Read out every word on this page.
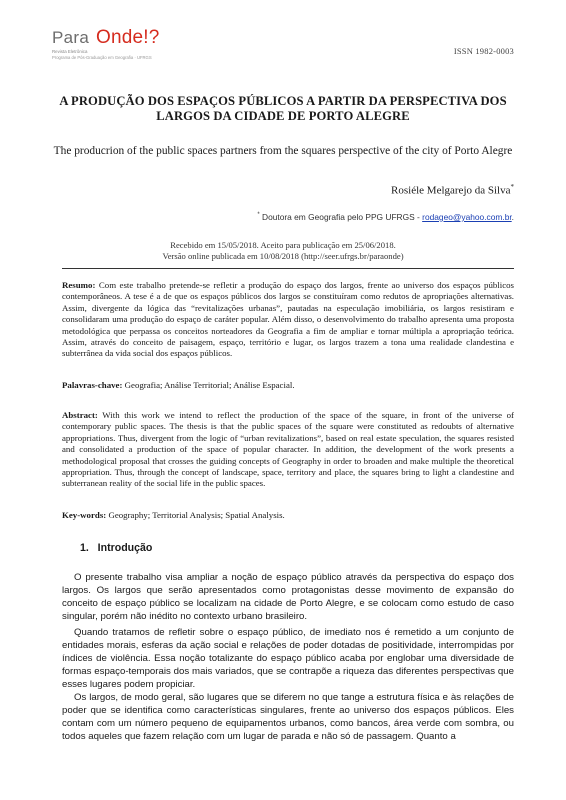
Para Onde!?
Revista Eletrônica
Programa de Pós-Graduação em Geografia · UFRGS
ISSN 1982-0003
A PRODUÇÃO DOS ESPAÇOS PÚBLICOS A PARTIR DA PERSPECTIVA DOS LARGOS DA CIDADE DE PORTO ALEGRE
The producrion of the public spaces partners from the squares perspective of the city of Porto Alegre
Rosiéle Melgarejo da Silva*
* Doutora em Geografia pelo PPG UFRGS - rodageo@yahoo.com.br.
Recebido em 15/05/2018. Aceito para publicação em 25/06/2018.
Versão online publicada em 10/08/2018 (http://seer.ufrgs.br/paraonde)
Resumo: Com este trabalho pretende-se refletir a produção do espaço dos largos, frente ao universo dos espaços públicos contemporâneos. A tese é a de que os espaços públicos dos largos se constituíram como redutos de apropriações alternativas. Assim, divergente da lógica das “revitalizações urbanas”, pautadas na especulação imobiliária, os largos resistiram e consolidaram uma produção do espaço de caráter popular. Além disso, o desenvolvimento do trabalho apresenta uma proposta metodológica que perpassa os conceitos norteadores da Geografia a fim de ampliar e tornar múltipla a apropriação teórica. Assim, através do conceito de paisagem, espaço, território e lugar, os largos trazem a tona uma realidade clandestina e subterrânea da vida social dos espaços públicos.
Palavras-chave: Geografia; Análise Territorial; Análise Espacial.
Abstract: With this work we intend to reflect the production of the space of the square, in front of the universe of contemporary public spaces. The thesis is that the public spaces of the square were constituted as redoubts of alternative appropriations. Thus, divergent from the logic of “urban revitalizations”, based on real estate speculation, the squares resisted and consolidated a production of the space of popular character. In addition, the development of the work presents a methodological proposal that crosses the guiding concepts of Geography in order to broaden and make multiple the theoretical appropriation. Thus, through the concept of landscape, space, territory and place, the squares bring to light a clandestine and subterranean reality of the social life in the public spaces.
Key-words: Geography; Territorial Analysis; Spatial Analysis.
1.   Introdução
O presente trabalho visa ampliar a noção de espaço público através da perspectiva do espaço dos largos. Os largos que serão apresentados como protagonistas desse movimento de expansão do conceito de espaço público se localizam na cidade de Porto Alegre, e se colocam como estudo de caso singular, porém não inédito no contexto urbano brasileiro.
Quando tratamos de refletir sobre o espaço público, de imediato nos é remetido a um conjunto de entidades morais, esferas da ação social e relações de poder dotadas de positividade, interrompidas por índices de violência. Essa noção totalizante do espaço público acaba por englobar uma diversidade de formas espaço-temporais dos mais variados, que se contrapõe a riqueza das diferentes perspectivas que esses lugares podem propiciar.
Os largos, de modo geral, são lugares que se diferem no que tange a estrutura física e às relações de poder que se identifica como características singulares, frente ao universo dos espaços públicos. Eles contam com um número pequeno de equipamentos urbanos, como bancos, área verde com sombra, ou todos aqueles que fazem relação com um lugar de parada e não só de passagem. Quanto a
